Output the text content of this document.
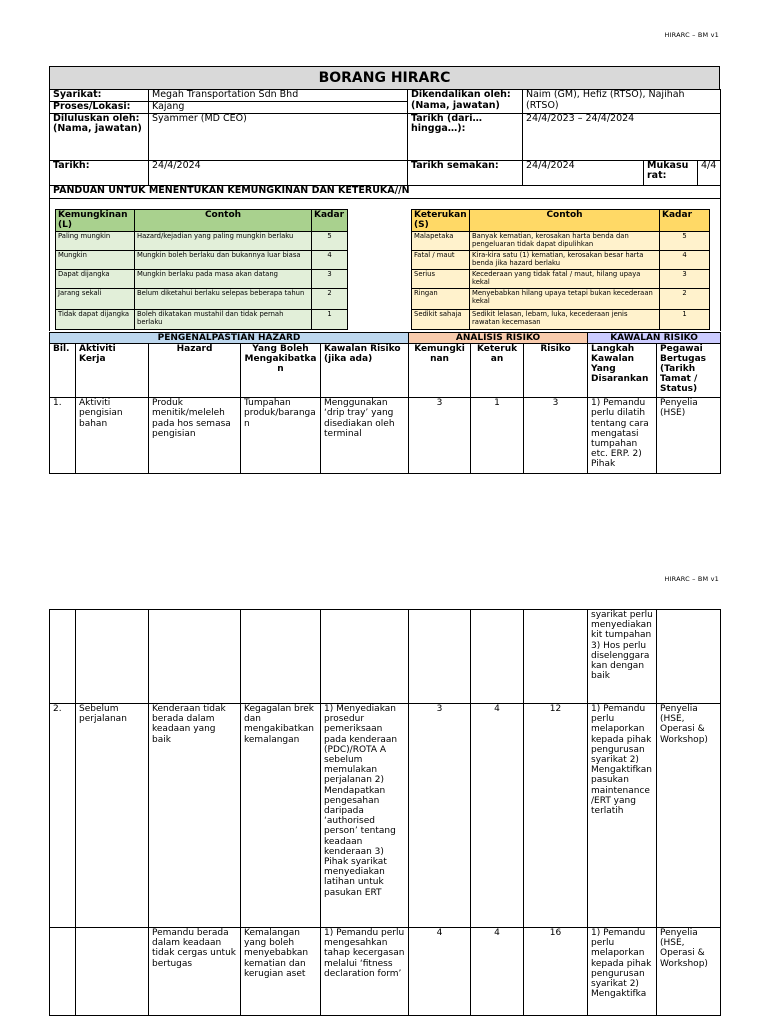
HIRARC – BM v1
BORANG HIRARC
Syarikat:	Megah Transportation Sdn Bhd	Dikendalikan oleh: (Nama, jawatan)	Naim (GM), Hefiz (RTSO), Najihah (RTSO)		
Proses/Lokasi:	Kajang				
Diluluskan oleh: (Nama, jawatan)	Syammer (MD CEO)	Tarikh (dari… hingga…):	24/4/2023 – 24/4/2024		
Tarikh:	24/4/2024	Tarikh semakan:	24/4/2024	Mukasu rat:	4/4
PANDUAN UNTUK MENENTUKAN KEMUNGKINAN DAN KETERUKA//N					

Kemungkinan (L)	Contoh	Kadar
Paling mungkin	Hazard/kejadian yang paling mungkin berlaku	5
Mungkin	Mungkin boleh berlaku dan bukannya luar biasa	4
Dapat dijangka	Mungkin berlaku pada masa akan datang	3
Jarang sekali	Belum diketahui berlaku selepas beberapa tahun	2
Tidak dapat dijangka	Boleh dikatakan mustahil dan tidak pernah berlaku	1
Keterukan (S)	Contoh	Kadar
Malapetaka	Banyak kematian, kerosakan harta benda dan pengeluaran tidak dapat dipulihkan	5
Fatal / maut	Kira-kira satu (1) kematian, kerosakan besar harta benda jika hazard berlaku	4
Serius	Kecederaan yang tidak fatal / maut, hilang upaya kekal	3
Ringan	Menyebabkan hilang upaya tetapi bukan kecederaan kekal	2
Sedikit sahaja	Sedikit lelasan, lebam, luka, kecederaan jenis rawatan kecemasan	1
PENGENALPASTIAN HAZARD					ANALISIS RISIKO			KAWALAN RISIKO	
Bil.	Aktiviti Kerja	Hazard	Yang Boleh Mengakibatkan	Kawalan Risiko (jika ada)	Kemungkinan	Keterukan	Risiko	Langkah Kawalan Yang Disarankan	Pegawai Bertugas (Tarikh Tamat / Status)
1.	Aktiviti pengisian bahan	Produk menitik/meleleh pada hos semasa pengisian	Tumpahan produk/barangan	Menggunakan ‘drip tray’ yang disediakan oleh terminal	3	1	3	1) Pemandu perlu dilatih tentang cara mengatasi tumpahan etc. ERP. 2) Pihak	Penyelia (HSE)
HIRARC – BM v1
								syarikat perlu menyediakan kit tumpahan 3) Hos perlu diselenggarakan dengan baik	
2.	Sebelum perjalanan	Kenderaan tidak berada dalam keadaan yang baik	Kegagalan brek dan mengakibatkan kemalangan	1) Menyediakan prosedur pemeriksaan pada kenderaan (PDC)/ROTA A sebelum memulakan perjalanan 2) Mendapatkan pengesahan daripada ‘authorised person’ tentang keadaan kenderaan 3) Pihak syarikat menyediakan latihan untuk pasukan ERT	3	4	12	1) Pemandu perlu melaporkan kepada pihak pengurusan syarikat 2) Mengaktifkan pasukan maintenance /ERT yang terlatih	Penyelia (HSE, Operasi & Workshop)
		Pemandu berada dalam keadaan tidak cergas untuk bertugas	Kemalangan yang boleh menyebabkan kematian dan kerugian aset	1) Pemandu perlu mengesahkan tahap kecergasan melalui ‘fitness declaration form’	4	4	16	1) Pemandu perlu melaporkan kepada pihak pengurusan syarikat 2) Mengaktifka	Penyelia (HSE, Operasi & Workshop)
